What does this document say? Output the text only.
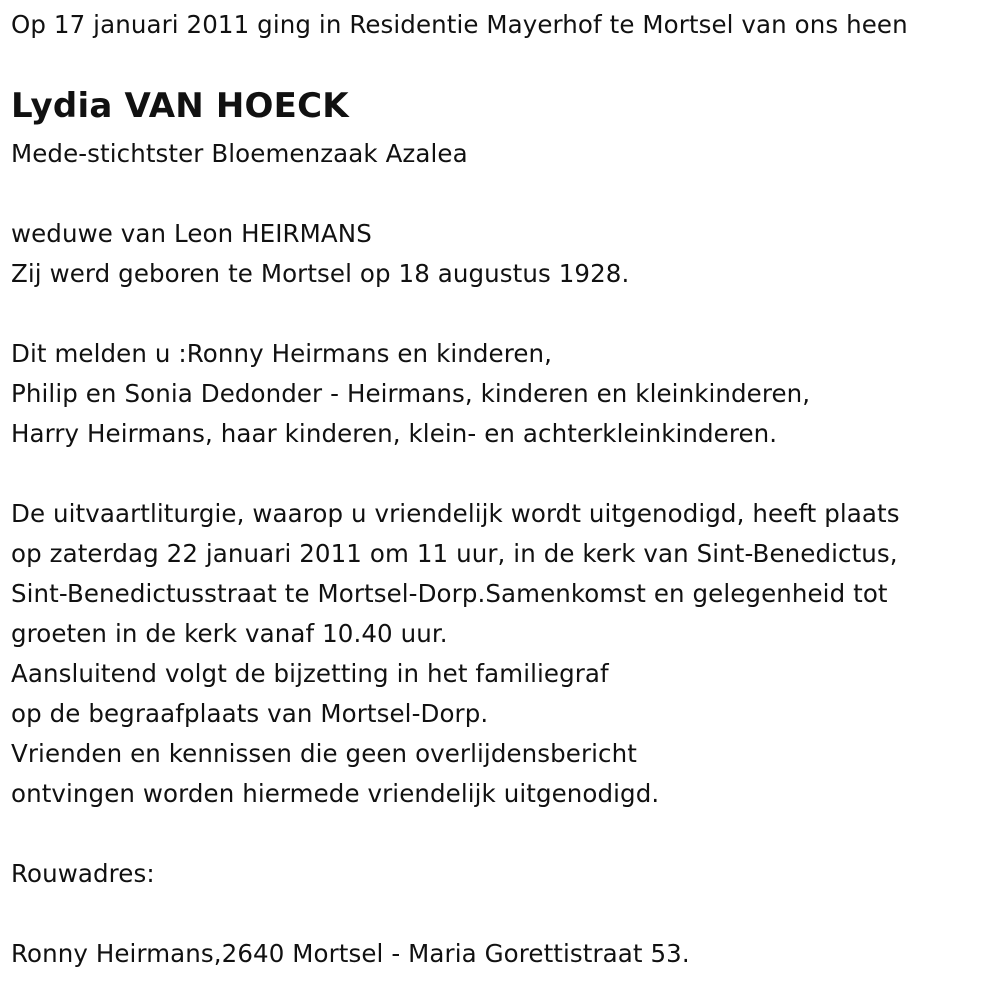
Op 17 januari 2011 ging in Residentie Mayerhof te Mortsel van ons heen
Lydia VAN HOECK
Mede-stichtster Bloemenzaak Azalea
weduwe van Leon HEIRMANS
Zij werd geboren te Mortsel op 18 augustus 1928.
Dit melden u :Ronny Heirmans en kinderen,
Philip en Sonia Dedonder - Heirmans, kinderen en kleinkinderen,
Harry Heirmans, haar kinderen, klein- en achterkleinkinderen.
De uitvaartliturgie, waarop u vriendelijk wordt uitgenodigd, heeft plaats
op zaterdag 22 januari 2011 om 11 uur, in de kerk van Sint-Benedictus,
Sint-Benedictusstraat te Mortsel-Dorp.Samenkomst en gelegenheid tot
groeten in de kerk vanaf 10.40 uur.
Aansluitend volgt de bijzetting in het familiegraf
op de begraafplaats van Mortsel-Dorp.
Vrienden en kennissen die geen overlijdensbericht
ontvingen worden hiermede vriendelijk uitgenodigd.
Rouwadres:
Ronny Heirmans,2640 Mortsel - Maria Gorettistraat 53.
